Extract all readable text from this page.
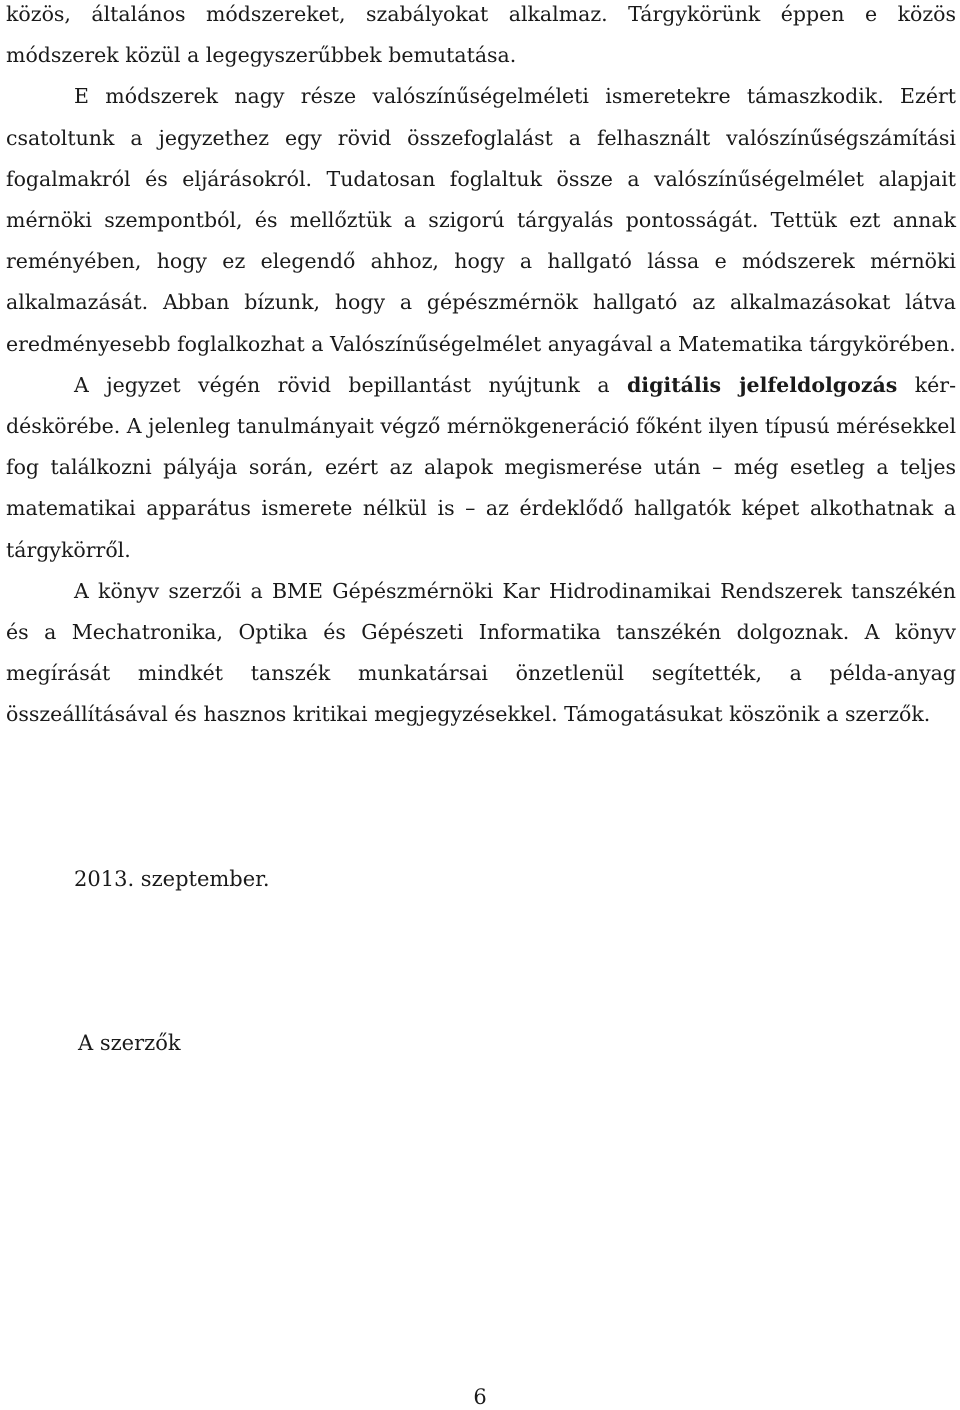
közös, általános módszereket, szabályokat alkalmaz. Tárgykörünk éppen e közös módszerek közül a legegyszerűbbek bemutatása.

E módszerek nagy része valószínűségelméleti ismeretekre támaszkodik. Ezért csatoltunk a jegyzethez egy rövid összefoglalást a felhasznált valószínűségszámítási fogalmakról és eljárásokról. Tudatosan foglaltuk össze a valószínűségelmélet alapjait mérnöki szempontból, és mellőztük a szigorú tárgyalás pontosságát. Tettük ezt annak reményében, hogy ez elegendő ahhoz, hogy a hallgató lássa e módszerek mérnöki alkalmazását. Abban bízunk, hogy a gépészmérnök hallgató az alkalmazásokat látva eredményesebb foglalkozhat a Valószínűségelmélet anyagával a Matematika tárgykörében.

A jegyzet végén rövid bepillantást nyújtunk a digitális jelfeldolgozás kérdéskörébe. A jelenleg tanulmányait végző mérnökgeneráció főként ilyen típusú mérésekkel fog találkozni pályája során, ezért az alapok megismerése után – még esetleg a teljes matematikai apparátus ismerete nélkül is – az érdeklődő hallgatók képet alkothatnak a tárgykörről.

A könyv szerzői a BME Gépészmérnöki Kar Hidrodinamikai Rendszerek tanszékén és a Mechatronika, Optika és Gépészeti Informatika tanszékén dolgoznak. A könyv megírását mindkét tanszék munkatársai önzetlenül segítették, a példa-anyag összeállításával és hasznos kritikai megjegyzésekkel. Támogatásukat köszönik a szerzők.

2013. szeptember.
A szerzők
6
